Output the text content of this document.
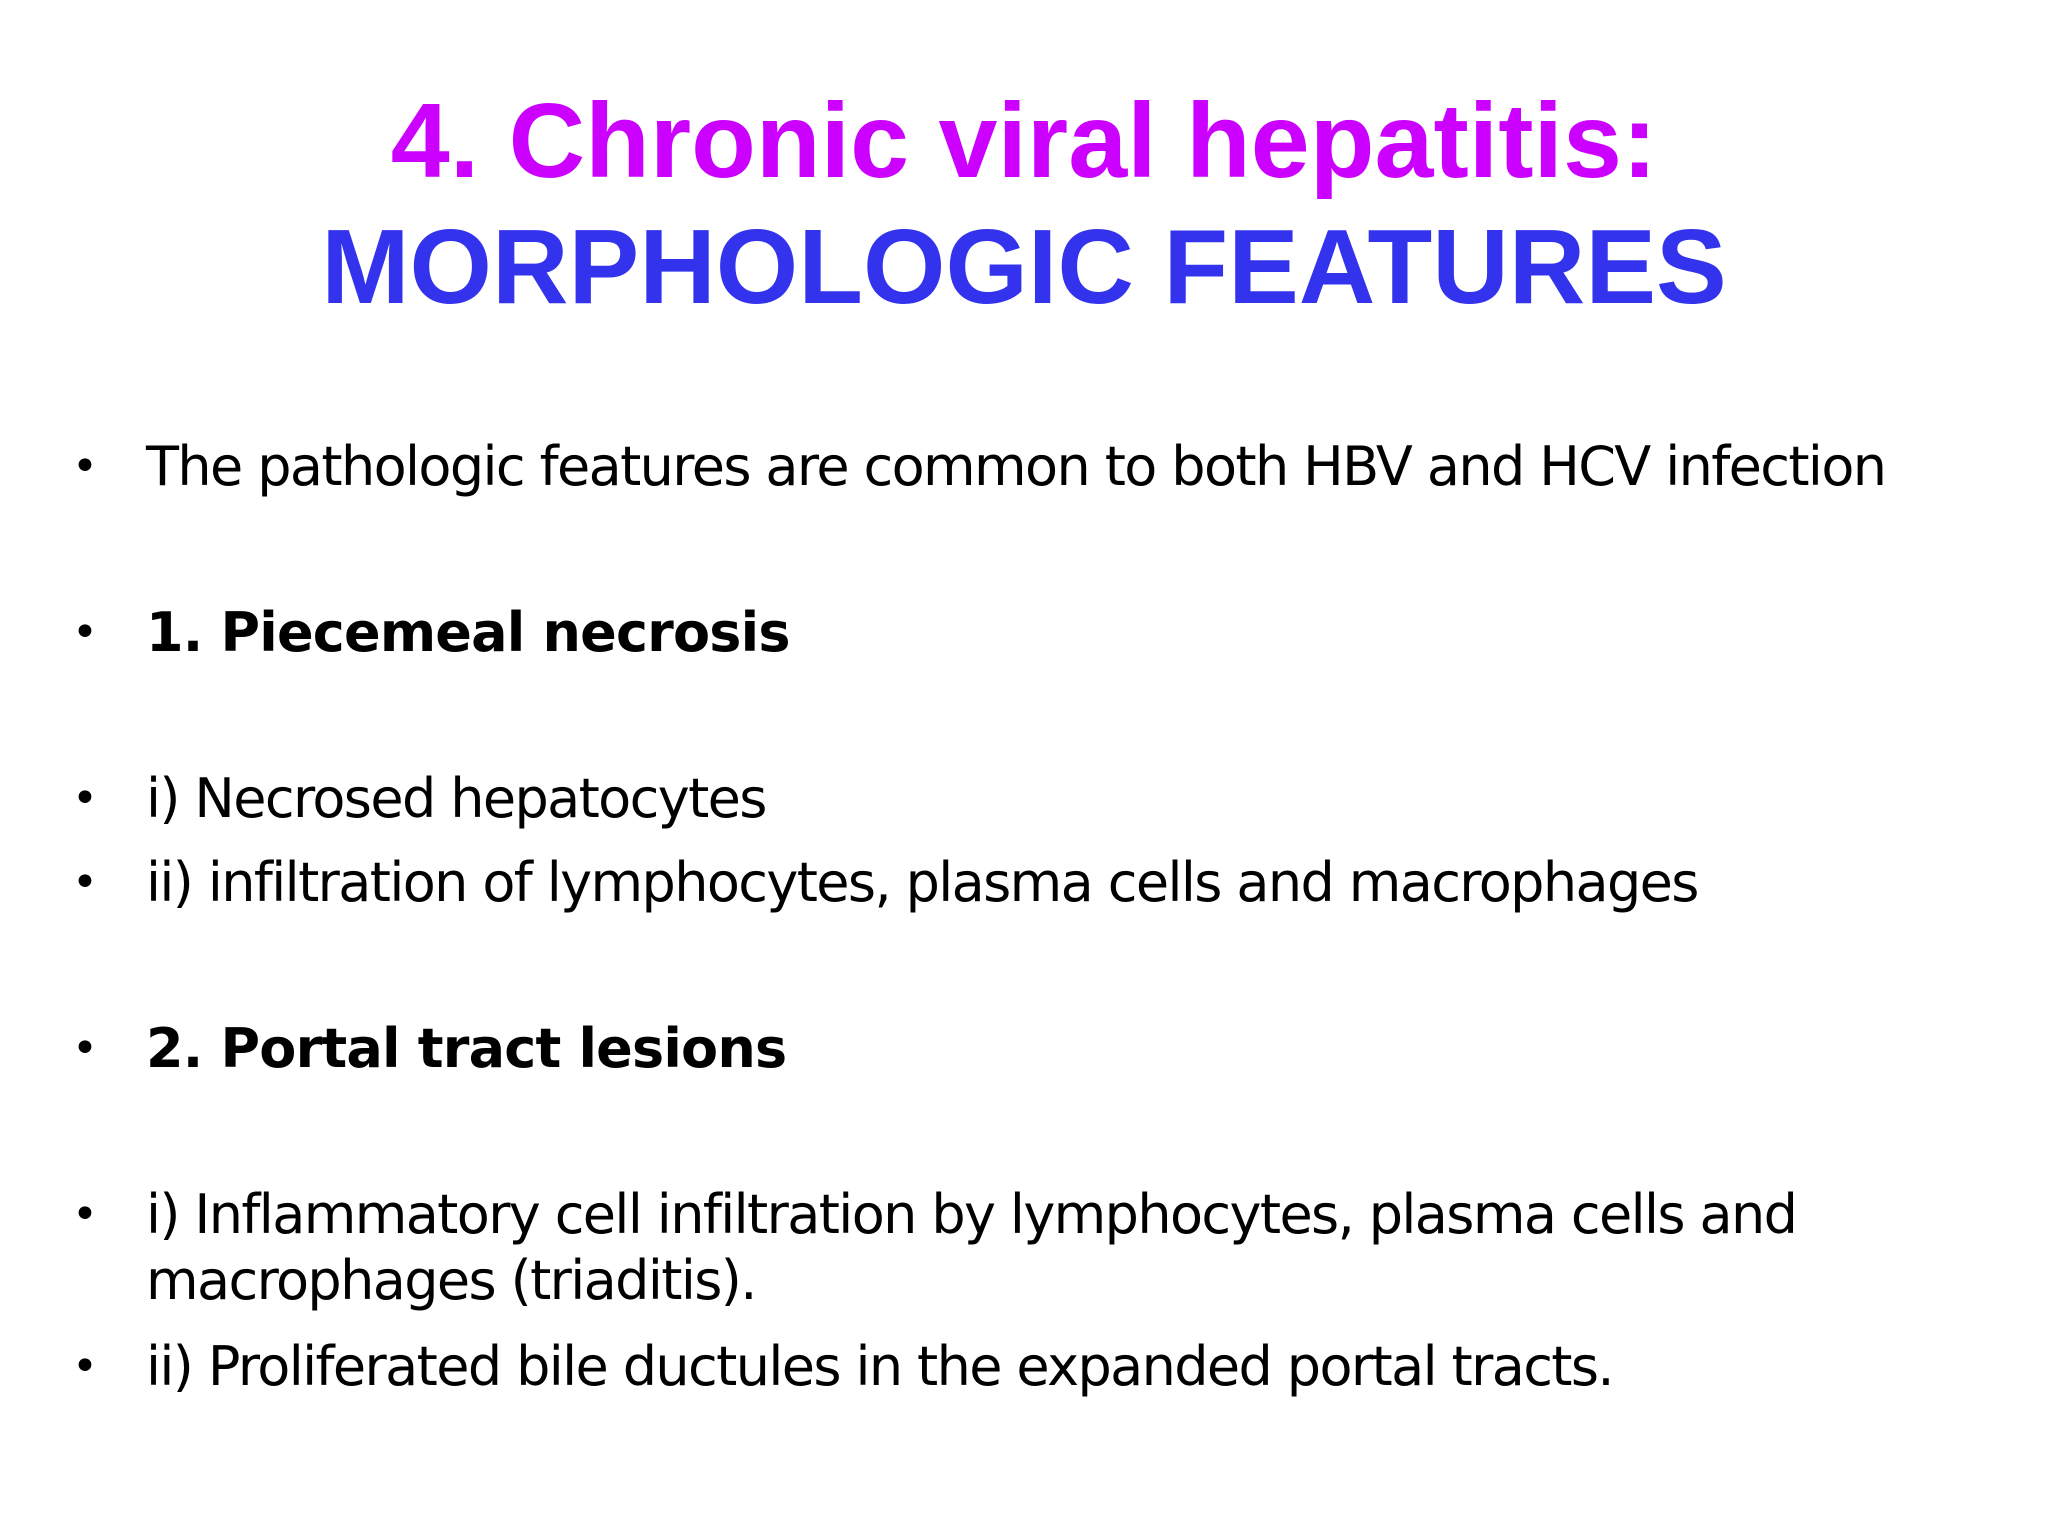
4. Chronic viral hepatitis:
MORPHOLOGIC FEATURES
• The pathologic features are common to both HBV and HCV infection
• 1. Piecemeal necrosis
• i) Necrosed hepatocytes
• ii) infiltration of lymphocytes, plasma cells and macrophages
• 2. Portal tract lesions
• i) Inflammatory cell infiltration by lymphocytes, plasma cells and macrophages (triaditis).
• ii) Proliferated bile ductules in the expanded portal tracts.
